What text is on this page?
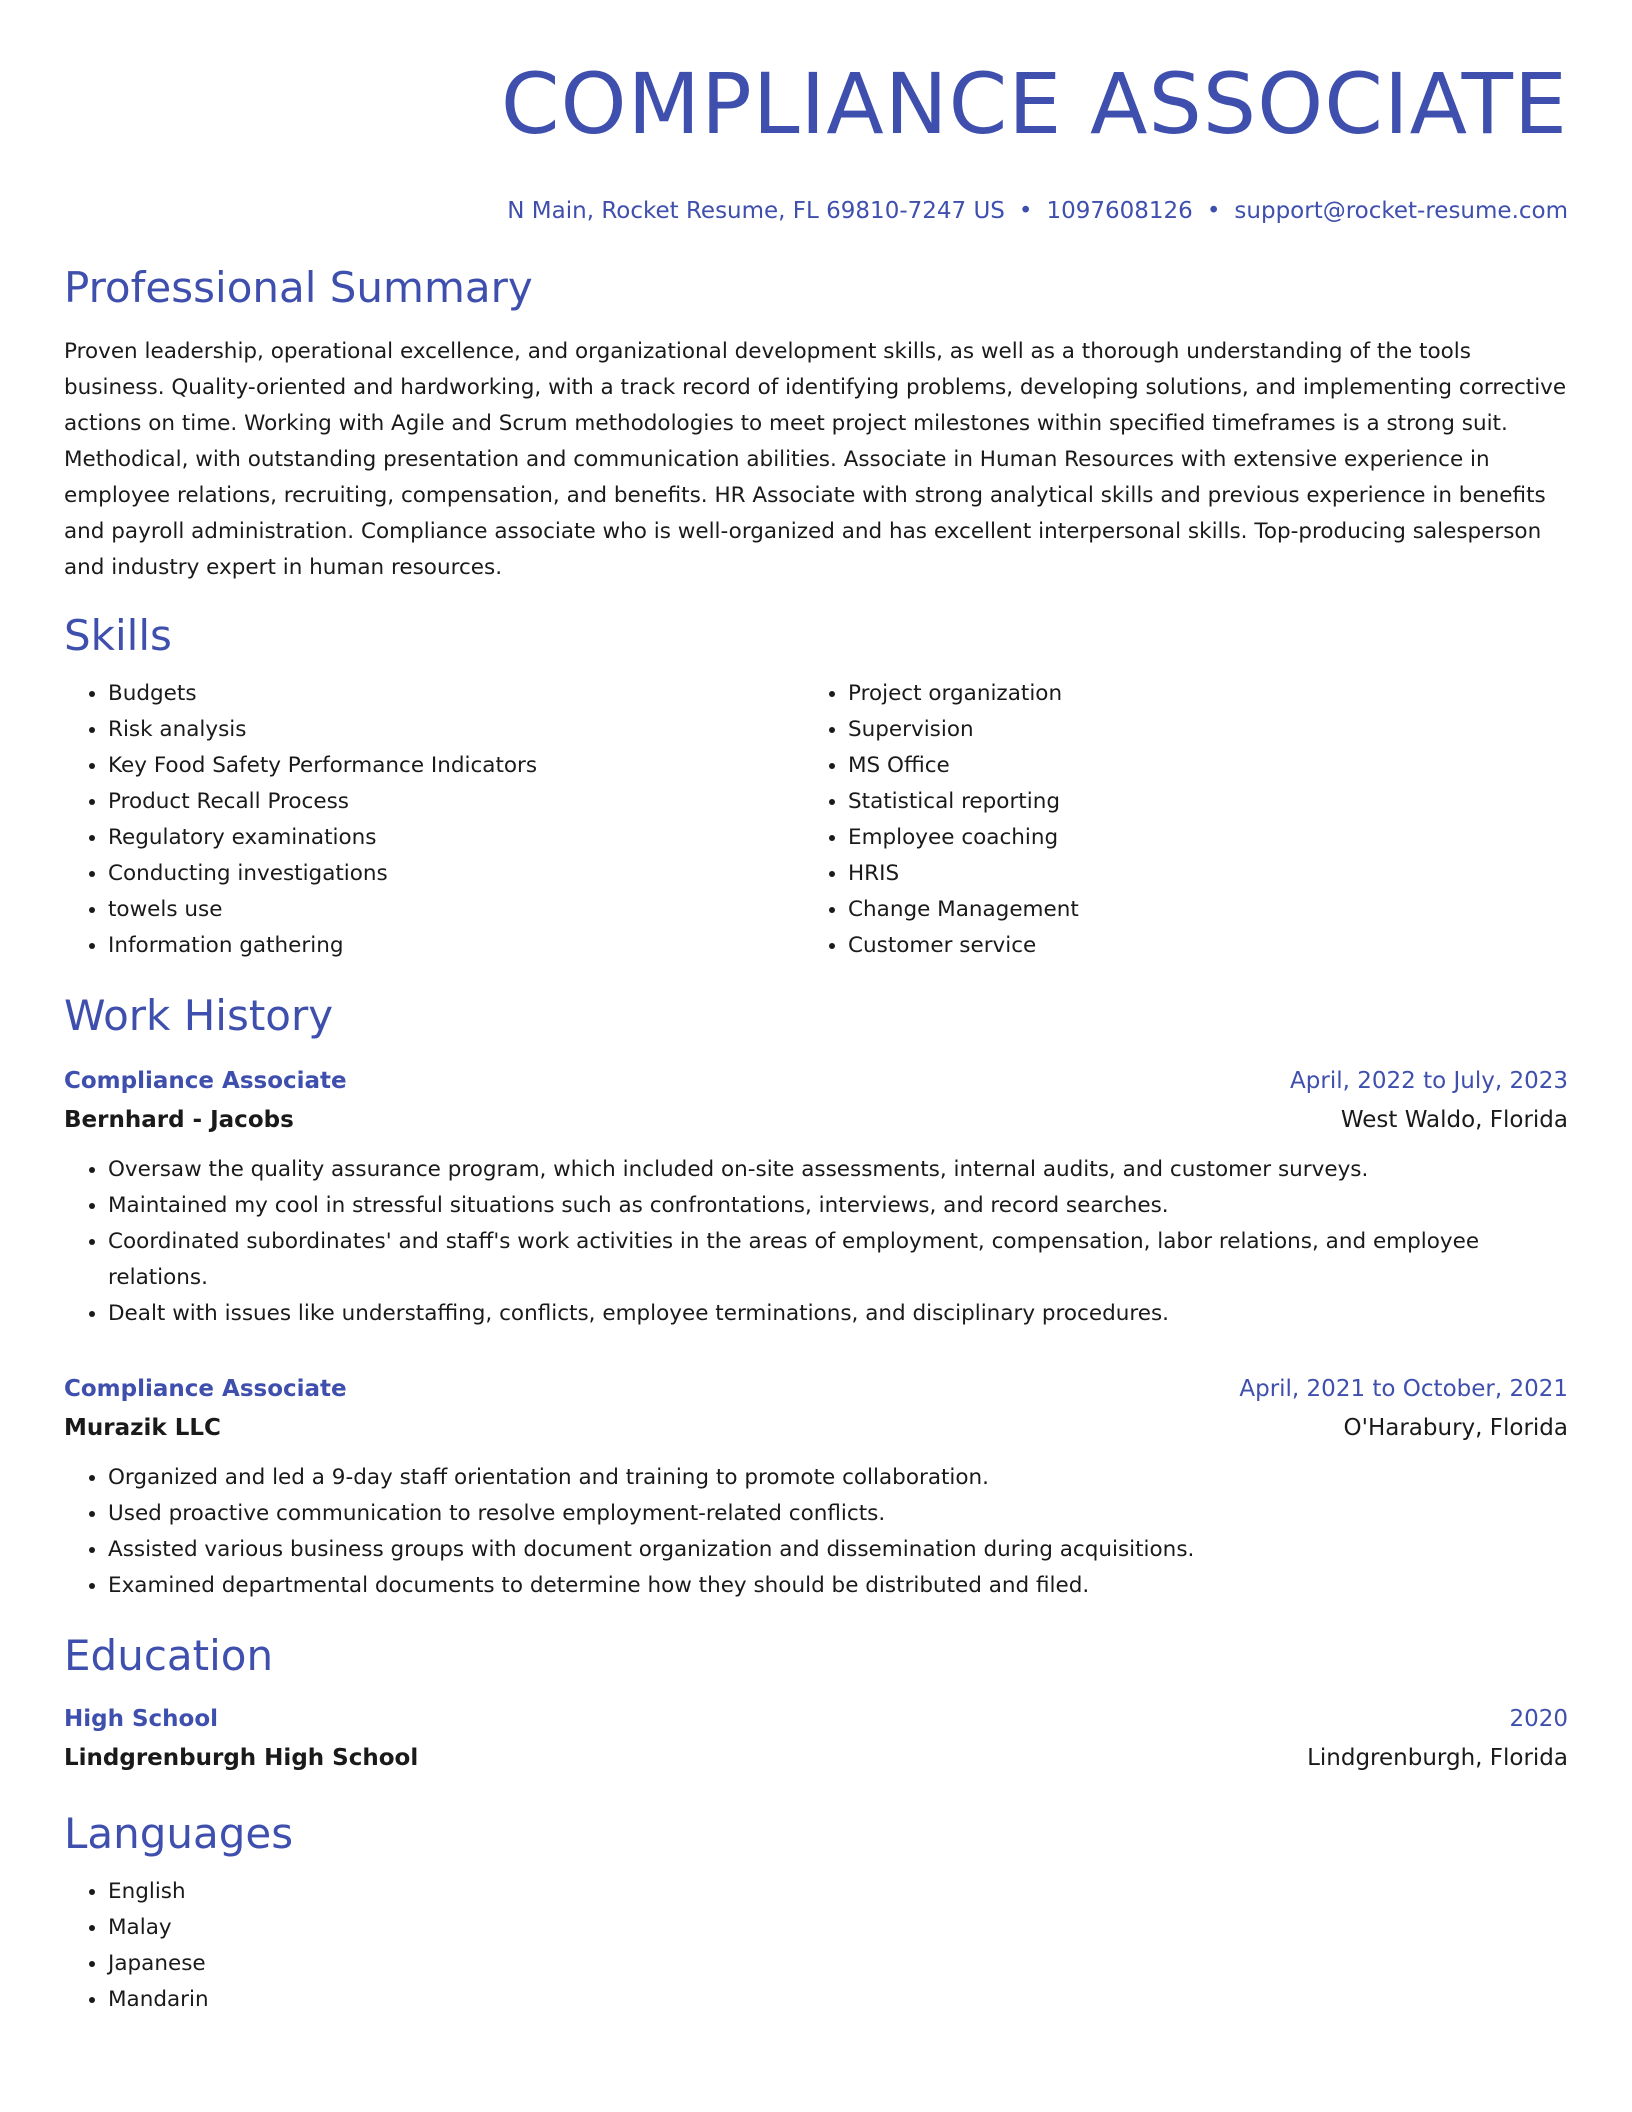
COMPLIANCE ASSOCIATE
N Main, Rocket Resume, FL 69810-7247 US • 1097608126 • support@rocket-resume.com
Professional Summary
Proven leadership, operational excellence, and organizational development skills, as well as a thorough understanding of the tools business. Quality-oriented and hardworking, with a track record of identifying problems, developing solutions, and implementing corrective actions on time. Working with Agile and Scrum methodologies to meet project milestones within specified timeframes is a strong suit. Methodical, with outstanding presentation and communication abilities. Associate in Human Resources with extensive experience in employee relations, recruiting, compensation, and benefits. HR Associate with strong analytical skills and previous experience in benefits and payroll administration. Compliance associate who is well-organized and has excellent interpersonal skills. Top-producing salesperson and industry expert in human resources.
Skills
• Budgets
• Risk analysis
• Key Food Safety Performance Indicators
• Product Recall Process
• Regulatory examinations
• Conducting investigations
• towels use
• Information gathering
• Project organization
• Supervision
• MS Office
• Statistical reporting
• Employee coaching
• HRIS
• Change Management
• Customer service
Work History
Compliance Associate	April, 2022 to July, 2023
Bernhard - Jacobs	West Waldo, Florida
• Oversaw the quality assurance program, which included on-site assessments, internal audits, and customer surveys.
• Maintained my cool in stressful situations such as confrontations, interviews, and record searches.
• Coordinated subordinates' and staff's work activities in the areas of employment, compensation, labor relations, and employee relations.
• Dealt with issues like understaffing, conflicts, employee terminations, and disciplinary procedures.
Compliance Associate	April, 2021 to October, 2021
Murazik LLC	O'Harabury, Florida
• Organized and led a 9-day staff orientation and training to promote collaboration.
• Used proactive communication to resolve employment-related conflicts.
• Assisted various business groups with document organization and dissemination during acquisitions.
• Examined departmental documents to determine how they should be distributed and filed.
Education
High School	2020
Lindgrenburgh High School	Lindgrenburgh, Florida
Languages
• English
• Malay
• Japanese
• Mandarin
